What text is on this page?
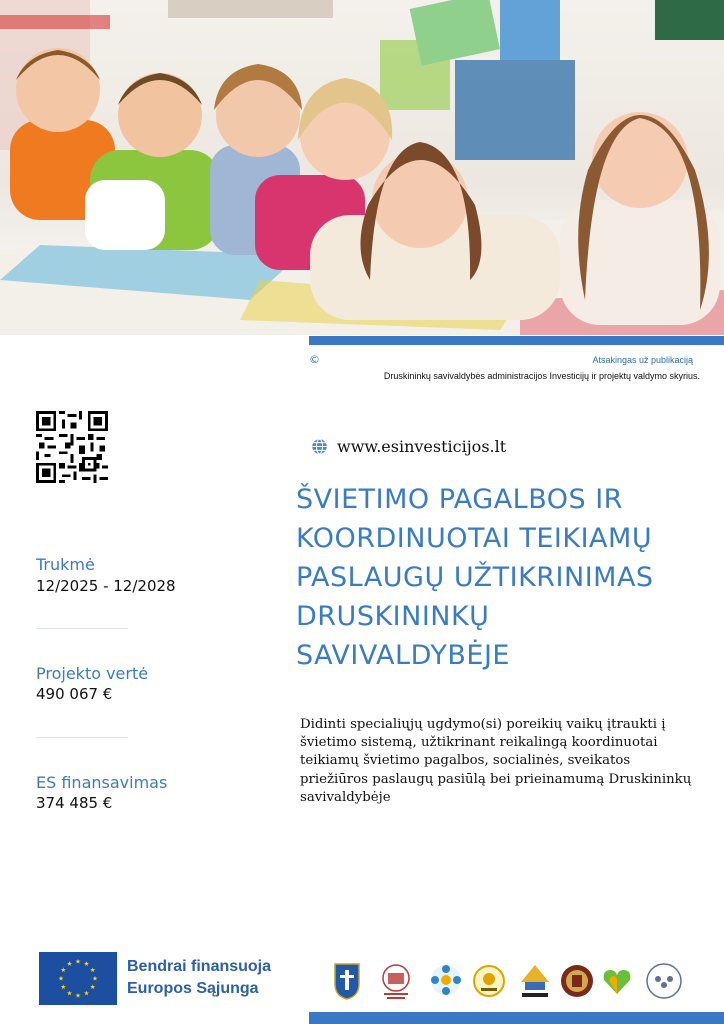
©	Atsakingas už publikaciją
Druskininkų savivaldybės administracijos Investicijų ir projektų valdymo skyrius.
www.esinvesticijos.lt
ŠVIETIMO PAGALBOS IR
KOORDINUOTAI TEIKIAMŲ
PASLAUGŲ UŽTIKRINIMAS
DRUSKININKŲ
SAVIVALDYBĖJE
Didinti specialiųjų ugdymo(si) poreikių vaikų įtraukti į švietimo sistemą, užtikrinant reikalingą koordinuotai teikiamų švietimo pagalbos, socialinės, sveikatos priežiūros paslaugų pasiūlą bei prieinamumą Druskininkų savivaldybėje
Trukmė
12/2025 - 12/2028
Projekto vertė
490 067 €
ES finansavimas
374 485 €
Bendrai finansuoja
Europos Sąjunga
